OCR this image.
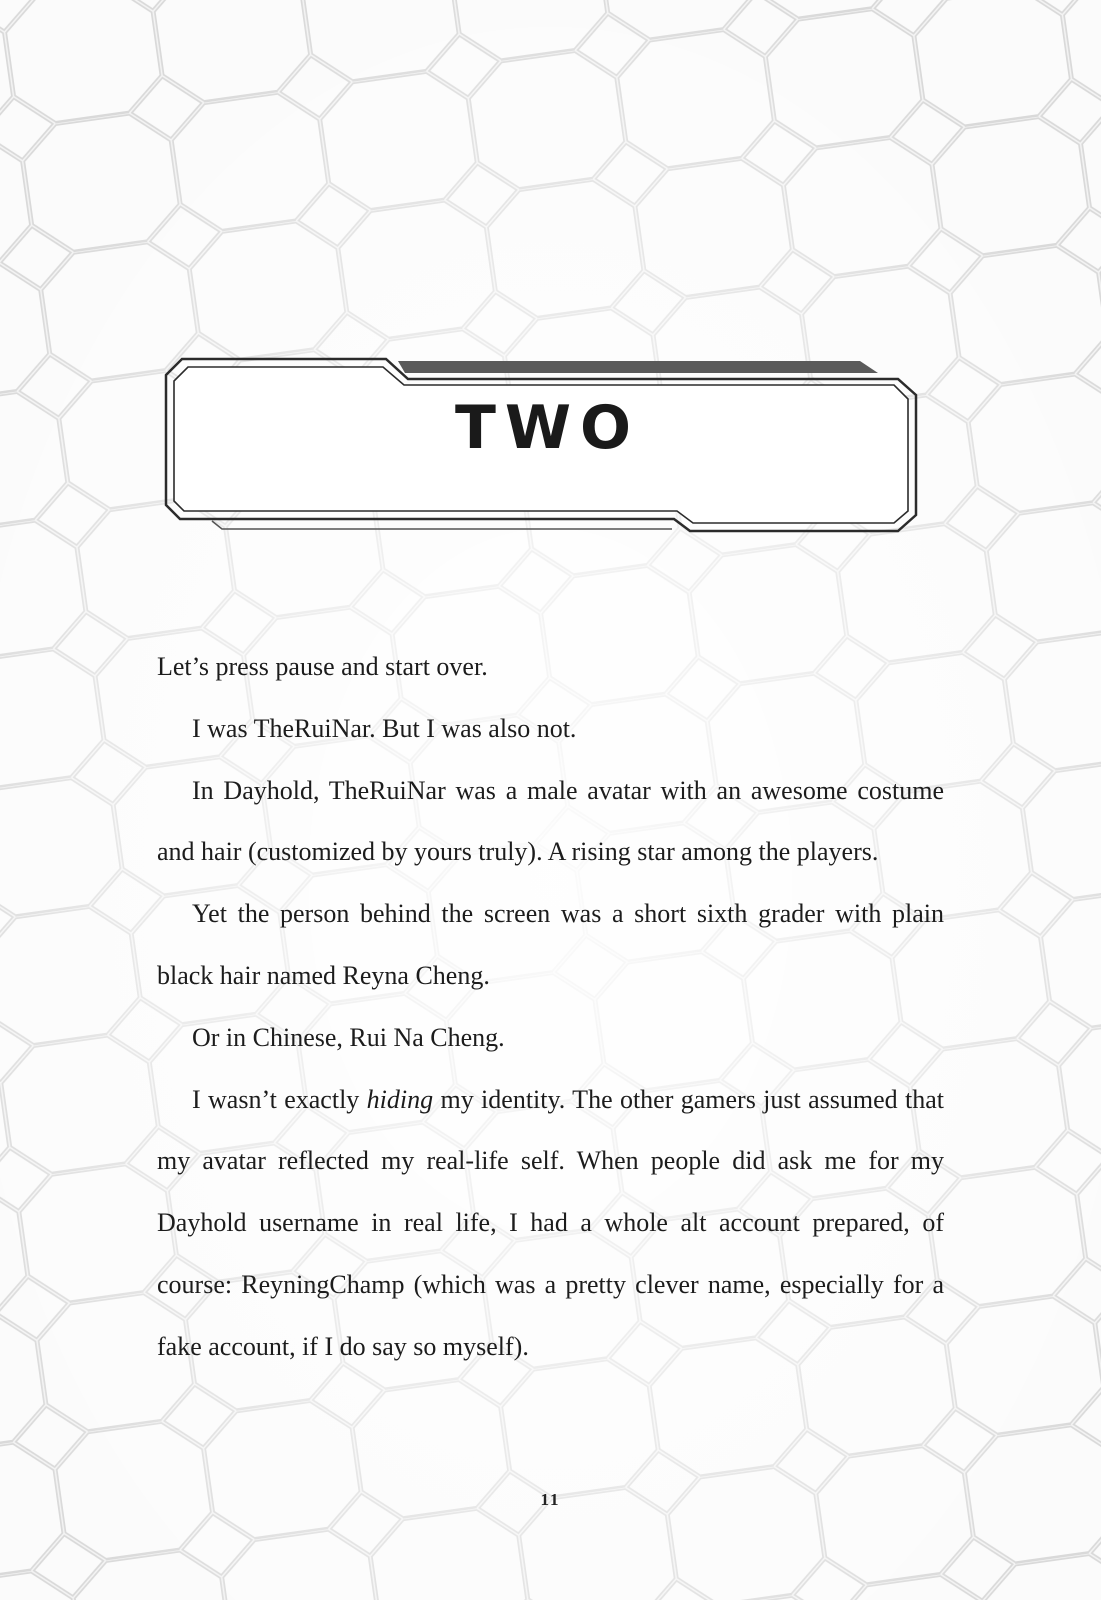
TWO

Let’s press pause and start over.

I was TheRuiNar. But I was also not.

In Dayhold, TheRuiNar was a male avatar with an awesome costume and hair (customized by yours truly). A rising star among the players.

Yet the person behind the screen was a short sixth grader with plain black hair named Reyna Cheng.

Or in Chinese, Rui Na Cheng.

I wasn’t exactly hiding my identity. The other gamers just assumed that my avatar reflected my real-life self. When people did ask me for my Dayhold username in real life, I had a whole alt account prepared, of course: ReyningChamp (which was a pretty clever name, especially for a fake account, if I do say so myself).

11
